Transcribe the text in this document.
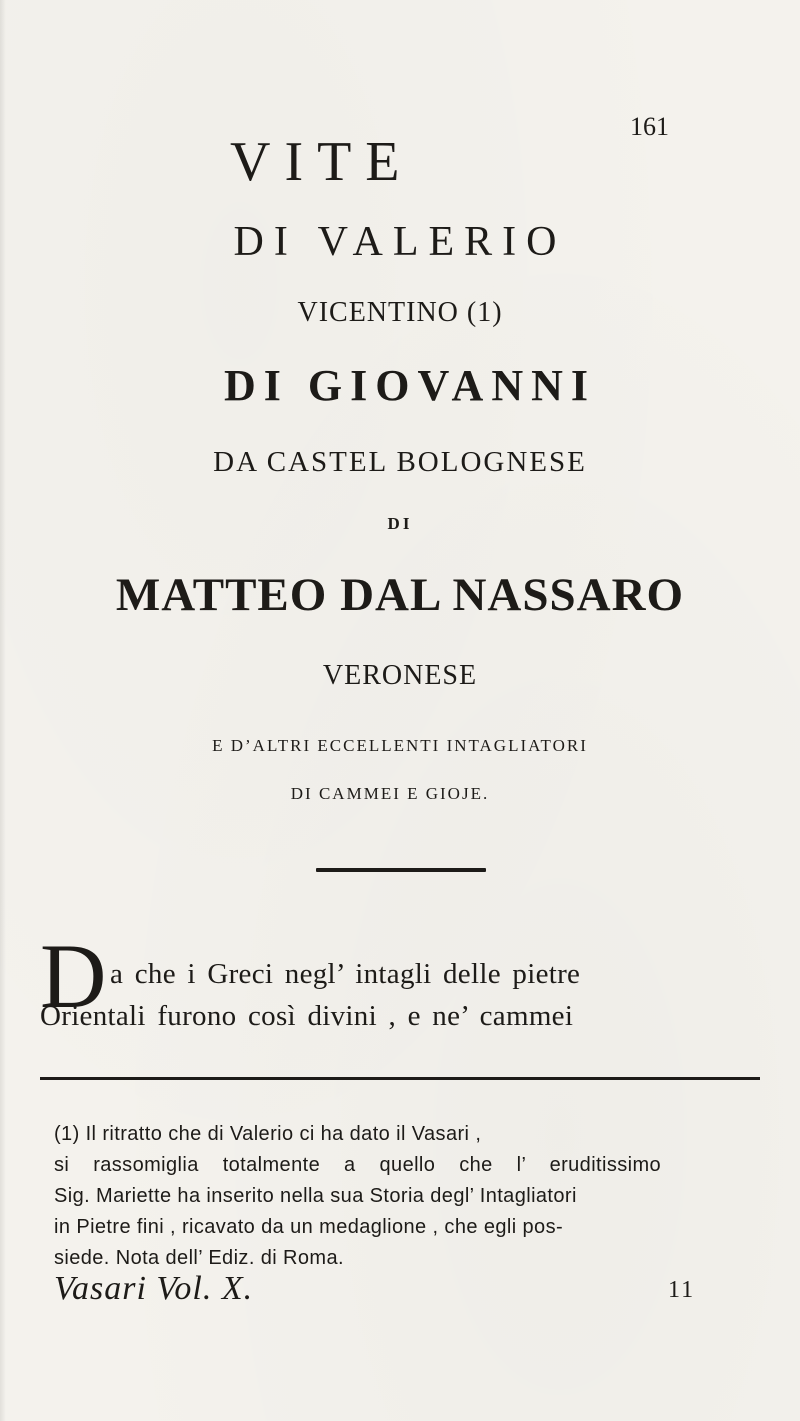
161
VITE
DI VALERIO
VICENTINO (1)
DI GIOVANNI
DA CASTEL BOLOGNESE
DI
MATTEO DAL NASSARO
VERONESE
E D’ALTRI ECCELLENTI INTAGLIATORI
DI CAMMEI E GIOJE.
D a che i Greci negl’ intagli delle pietre
Orientali furono così divini , e ne’ cammei
(1) Il ritratto che di Valerio ci ha dato il Vasari ,
si rassomiglia totalmente a quello che l’ eruditissimo
Sig. Mariette ha inserito nella sua Storia degl’ Intagliatori
in Pietre fini , ricavato da un medaglione , che egli pos-
siede. Nota dell’ Ediz. di Roma.
Vasari Vol. X.	11
